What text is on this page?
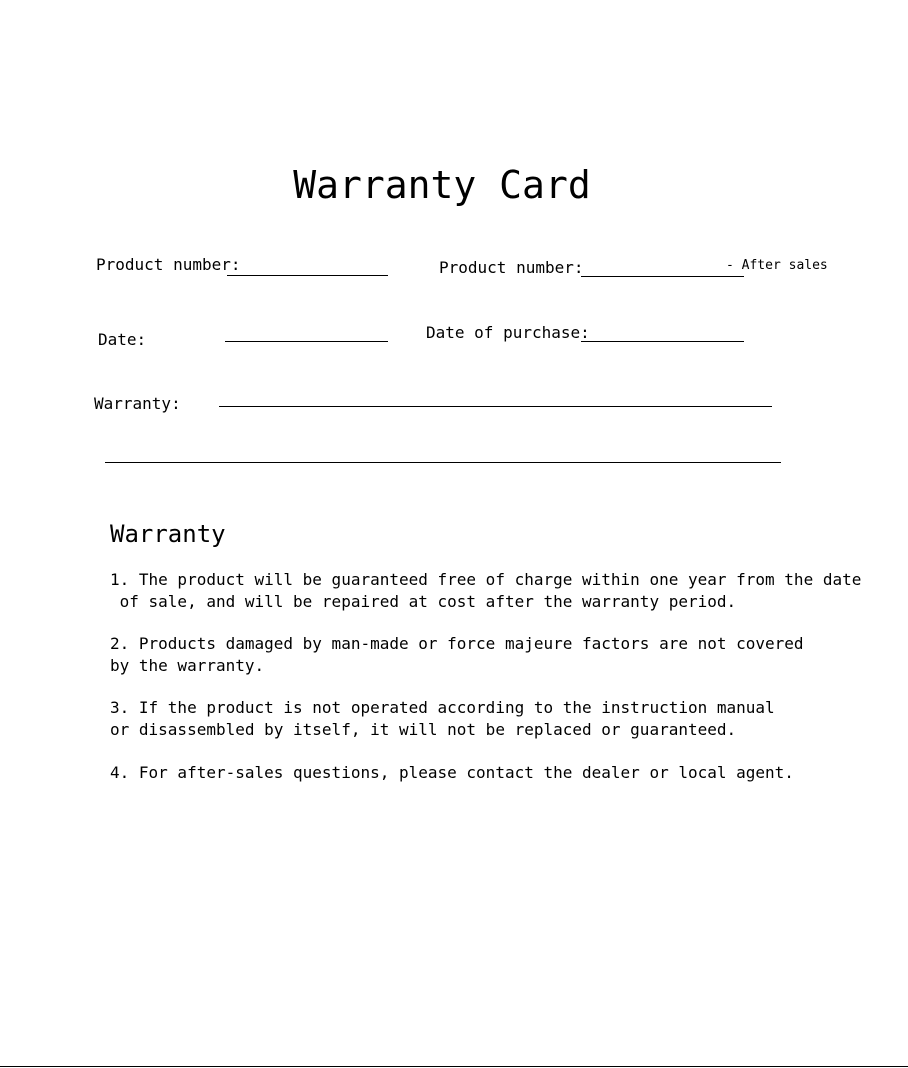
Warranty Card
Product number:	Product number:	- After sales
Date:	Date of purchase:
Warranty:
Warranty
1. The product will be guaranteed free of charge within one year from the date
of sale, and will be repaired at cost after the warranty period.
2. Products damaged by man-made or force majeure factors are not covered
by the warranty.
3. If the product is not operated according to the instruction manual
or disassembled by itself, it will not be replaced or guaranteed.
4. For after-sales questions, please contact the dealer or local agent.
